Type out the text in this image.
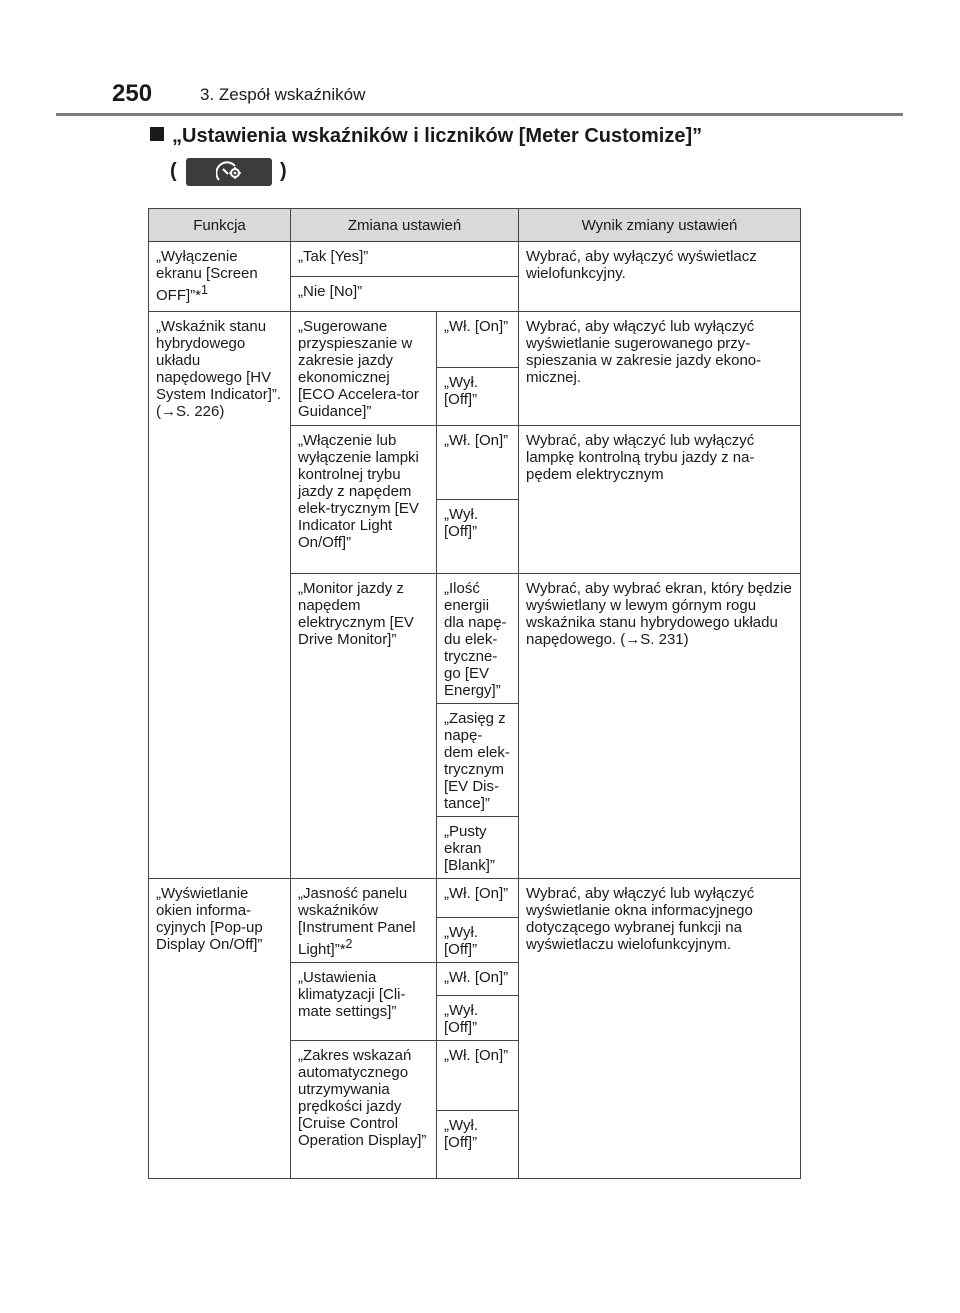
250	3. Zespół wskaźników
„Ustawienia wskaźników i liczników [Meter Customize]”
(	)
Funkcja	Zmiana ustawień		Wynik zmiany ustawień
„Wyłączenie ekranu [Screen OFF]”*$^1$	„Tak [Yes]”		Wybrać, aby wyłączyć wyświetlacz wielofunkcyjny.
	„Nie [No]”		
„Wskaźnik stanu hybrydowego układu napędowego [HV System Indicator]”. (→S. 226)	„Sugerowane przyspieszanie w zakresie jazdy ekonomicznej [ECO Accelera-tor Guidance]”	„Wł. [On]”	Wybrać, aby włączyć lub wyłączyć wyświetlanie sugerowanego przy-spieszania w zakresie jazdy ekono-micznej.
		„Wył. [Off]”	
	„Włączenie lub wyłączenie lampki kontrolnej trybu jazdy z napędem elek-trycznym [EV Indicator Light On/Off]”	„Wł. [On]”	Wybrać, aby włączyć lub wyłączyć lampkę kontrolną trybu jazdy z na-pędem elektrycznym
		„Wył. [Off]”	
	„Monitor jazdy z napędem elektrycznym [EV Drive Monitor]”	„Ilość energii dla napę-du elek-tryczne-go [EV Energy]”	Wybrać, aby wybrać ekran, który będzie wyświetlany w lewym górnym rogu wskaźnika stanu hybrydowego układu napędowego. (→S. 231)
		„Zasięg z napę-dem elek-trycznym [EV Dis-tance]”	
		„Pusty ekran [Blank]”	
„Wyświetlanie okien informa-cyjnych [Pop-up Display On/Off]”	„Jasność panelu wskaźników [Instrument Panel Light]”*$^2$	„Wł. [On]”	Wybrać, aby włączyć lub wyłączyć wyświetlanie okna informacyjnego dotyczącego wybranej funkcji na wyświetlaczu wielofunkcyjnym.
		„Wył. [Off]”	
	„Ustawienia klimatyzacji [Cli-mate settings]”	„Wł. [On]”	
		„Wył. [Off]”	
	„Zakres wskazań automatycznego utrzymywania prędkości jazdy [Cruise Control Operation Display]”	„Wł. [On]”	
		„Wył. [Off]”	
